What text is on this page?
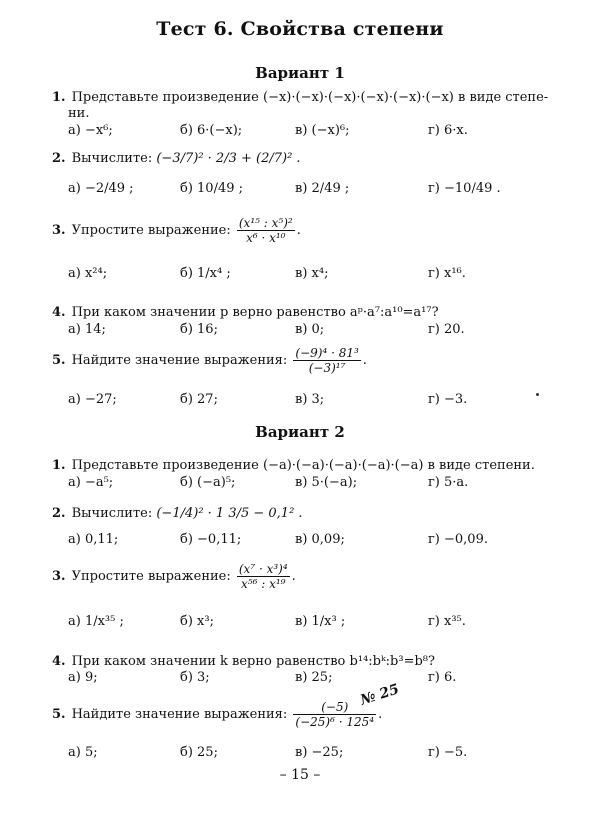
Тест 6. Свойства степени
Вариант 1
1. Представьте произведение (−x)·(−x)·(−x)·(−x)·(−x)·(−x) в виде степе-
ни.
а) −x⁶;	б) 6·(−x);	в) (−x)⁶;	г) 6·x.
2. Вычислите: (−3/7)² · 2/3 + (2/7)² .
а) −2/49 ;	б) 10/49 ;	в) 2/49 ;	г) −10/49 .
3. Упростите выражение: $\frac{\text{(x¹⁵ : x⁵)²}}{\text{x⁶ · x¹⁰}}$ .
а) x²⁴;	б) 1/x⁴ ;	в) x⁴;	г) x¹⁶.
4. При каком значении p верно равенство aᵖ·a⁷:a¹⁰=a¹⁷?
а) 14;	б) 16;	в) 0;	г) 20.
5. Найдите значение выражения: $\frac{\text{(−9)⁴ · 81³}}{\text{(−3)¹⁷}}$ .
а) −27;	б) 27;	в) 3;	г) −3.
Вариант 2
1. Представьте произведение (−a)·(−a)·(−a)·(−a)·(−a) в виде степени.
а) −a⁵;	б) (−a)⁵;	в) 5·(−a);	г) 5·a.
2. Вычислите: (−1/4)² · 1 3/5 − 0,1² .
а) 0,11;	б) −0,11;	в) 0,09;	г) −0,09.
3. Упростите выражение: $\frac{\text{(x⁷ · x³)⁴}}{\text{x⁵⁶ : x¹⁹}}$ .
а) 1/x³⁵ ;	б) x³;	в) 1/x³ ;	г) x³⁵.
4. При каком значении k верно равенство b¹⁴:bᵏ:b³=b⁸?
а) 9;	б) 3;	в) 25;	г) 6.
5. Найдите значение выражения: $\frac{(-5)}{\text{(−25)⁶ · 125⁴}}$ .
№ 25
а) 5;	б) 25;	в) −25;	г) −5.
– 15 –
